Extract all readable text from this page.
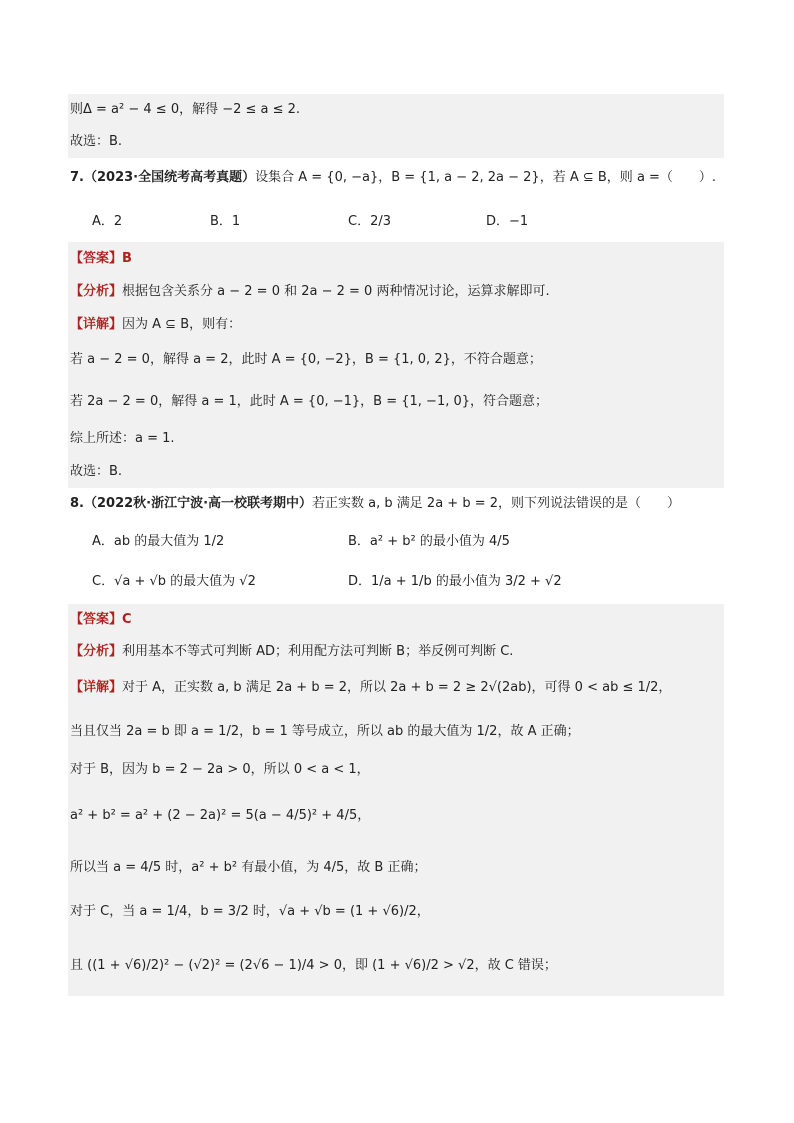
则Δ = a² − 4 ≤ 0，解得 −2 ≤ a ≤ 2.
故选：B.
7.（2023·全国统考高考真题）设集合 A = {0, −a}，B = {1, a − 2, 2a − 2}，若 A ⊆ B，则 a =（　　）.
A．2	B．1	C．2/3	D．−1
【答案】B
【分析】根据包含关系分 a − 2 = 0 和 2a − 2 = 0 两种情况讨论，运算求解即可.
【详解】因为 A ⊆ B，则有：
若 a − 2 = 0，解得 a = 2，此时 A = {0, −2}，B = {1, 0, 2}，不符合题意；
若 2a − 2 = 0，解得 a = 1，此时 A = {0, −1}，B = {1, −1, 0}，符合题意；
综上所述：a = 1.
故选：B.
8.（2022秋·浙江宁波·高一校联考期中）若正实数 a, b 满足 2a + b = 2，则下列说法错误的是（　　）
A．ab 的最大值为 1/2	B．a² + b² 的最小值为 4/5
C．√a + √b 的最大值为 √2	D．1/a + 1/b 的最小值为 3/2 + √2
【答案】C
【分析】利用基本不等式可判断 AD；利用配方法可判断 B；举反例可判断 C.
【详解】对于 A，正实数 a, b 满足 2a + b = 2，所以 2a + b = 2 ≥ 2√(2ab)，可得 0 < ab ≤ 1/2，
当且仅当 2a = b 即 a = 1/2，b = 1 等号成立，所以 ab 的最大值为 1/2，故 A 正确；
对于 B，因为 b = 2 − 2a > 0，所以 0 < a < 1，
a² + b² = a² + (2 − 2a)² = 5(a − 4/5)² + 4/5，
所以当 a = 4/5 时，a² + b² 有最小值，为 4/5，故 B 正确；
对于 C，当 a = 1/4，b = 3/2 时，√a + √b = (1 + √6)/2，
且 ((1 + √6)/2)² − (√2)² = (2√6 − 1)/4 > 0，即 (1 + √6)/2 > √2，故 C 错误；
